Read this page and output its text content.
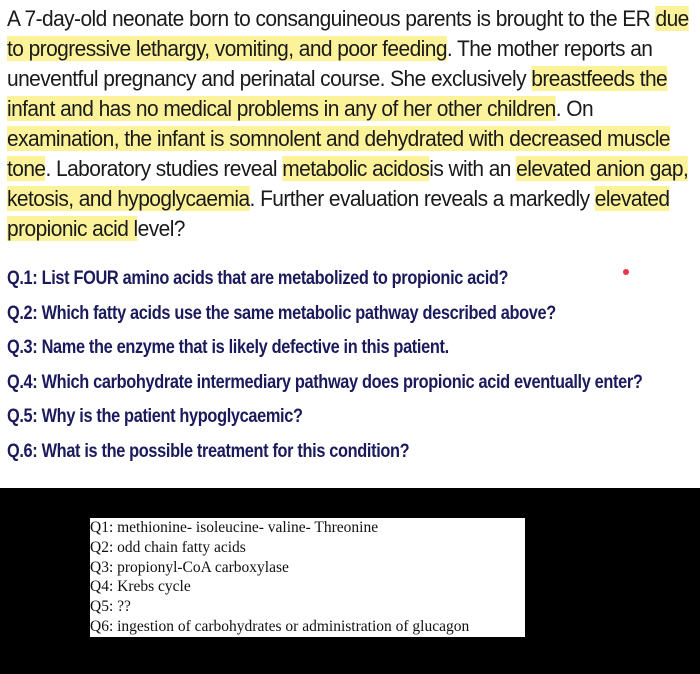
A 7-day-old neonate born to consanguineous parents is brought to the ER due to progressive lethargy, vomiting, and poor feeding. The mother reports an uneventful pregnancy and perinatal course. She exclusively breastfeeds the infant and has no medical problems in any of her other children. On examination, the infant is somnolent and dehydrated with decreased muscle tone. Laboratory studies reveal metabolic acidosis with an elevated anion gap, ketosis, and hypoglycaemia. Further evaluation reveals a markedly elevated propionic acid level?
Q.1: List FOUR amino acids that are metabolized to propionic acid?
Q.2: Which fatty acids use the same metabolic pathway described above?
Q.3: Name the enzyme that is likely defective in this patient.
Q.4: Which carbohydrate intermediary pathway does propionic acid eventually enter?
Q.5: Why is the patient hypoglycaemic?
Q.6: What is the possible treatment for this condition?
Q1: methionine- isoleucine- valine- Threonine
Q2: odd chain fatty acids
Q3: propionyl-CoA carboxylase
Q4: Krebs cycle
Q5: ??
Q6: ingestion of carbohydrates or administration of glucagon
